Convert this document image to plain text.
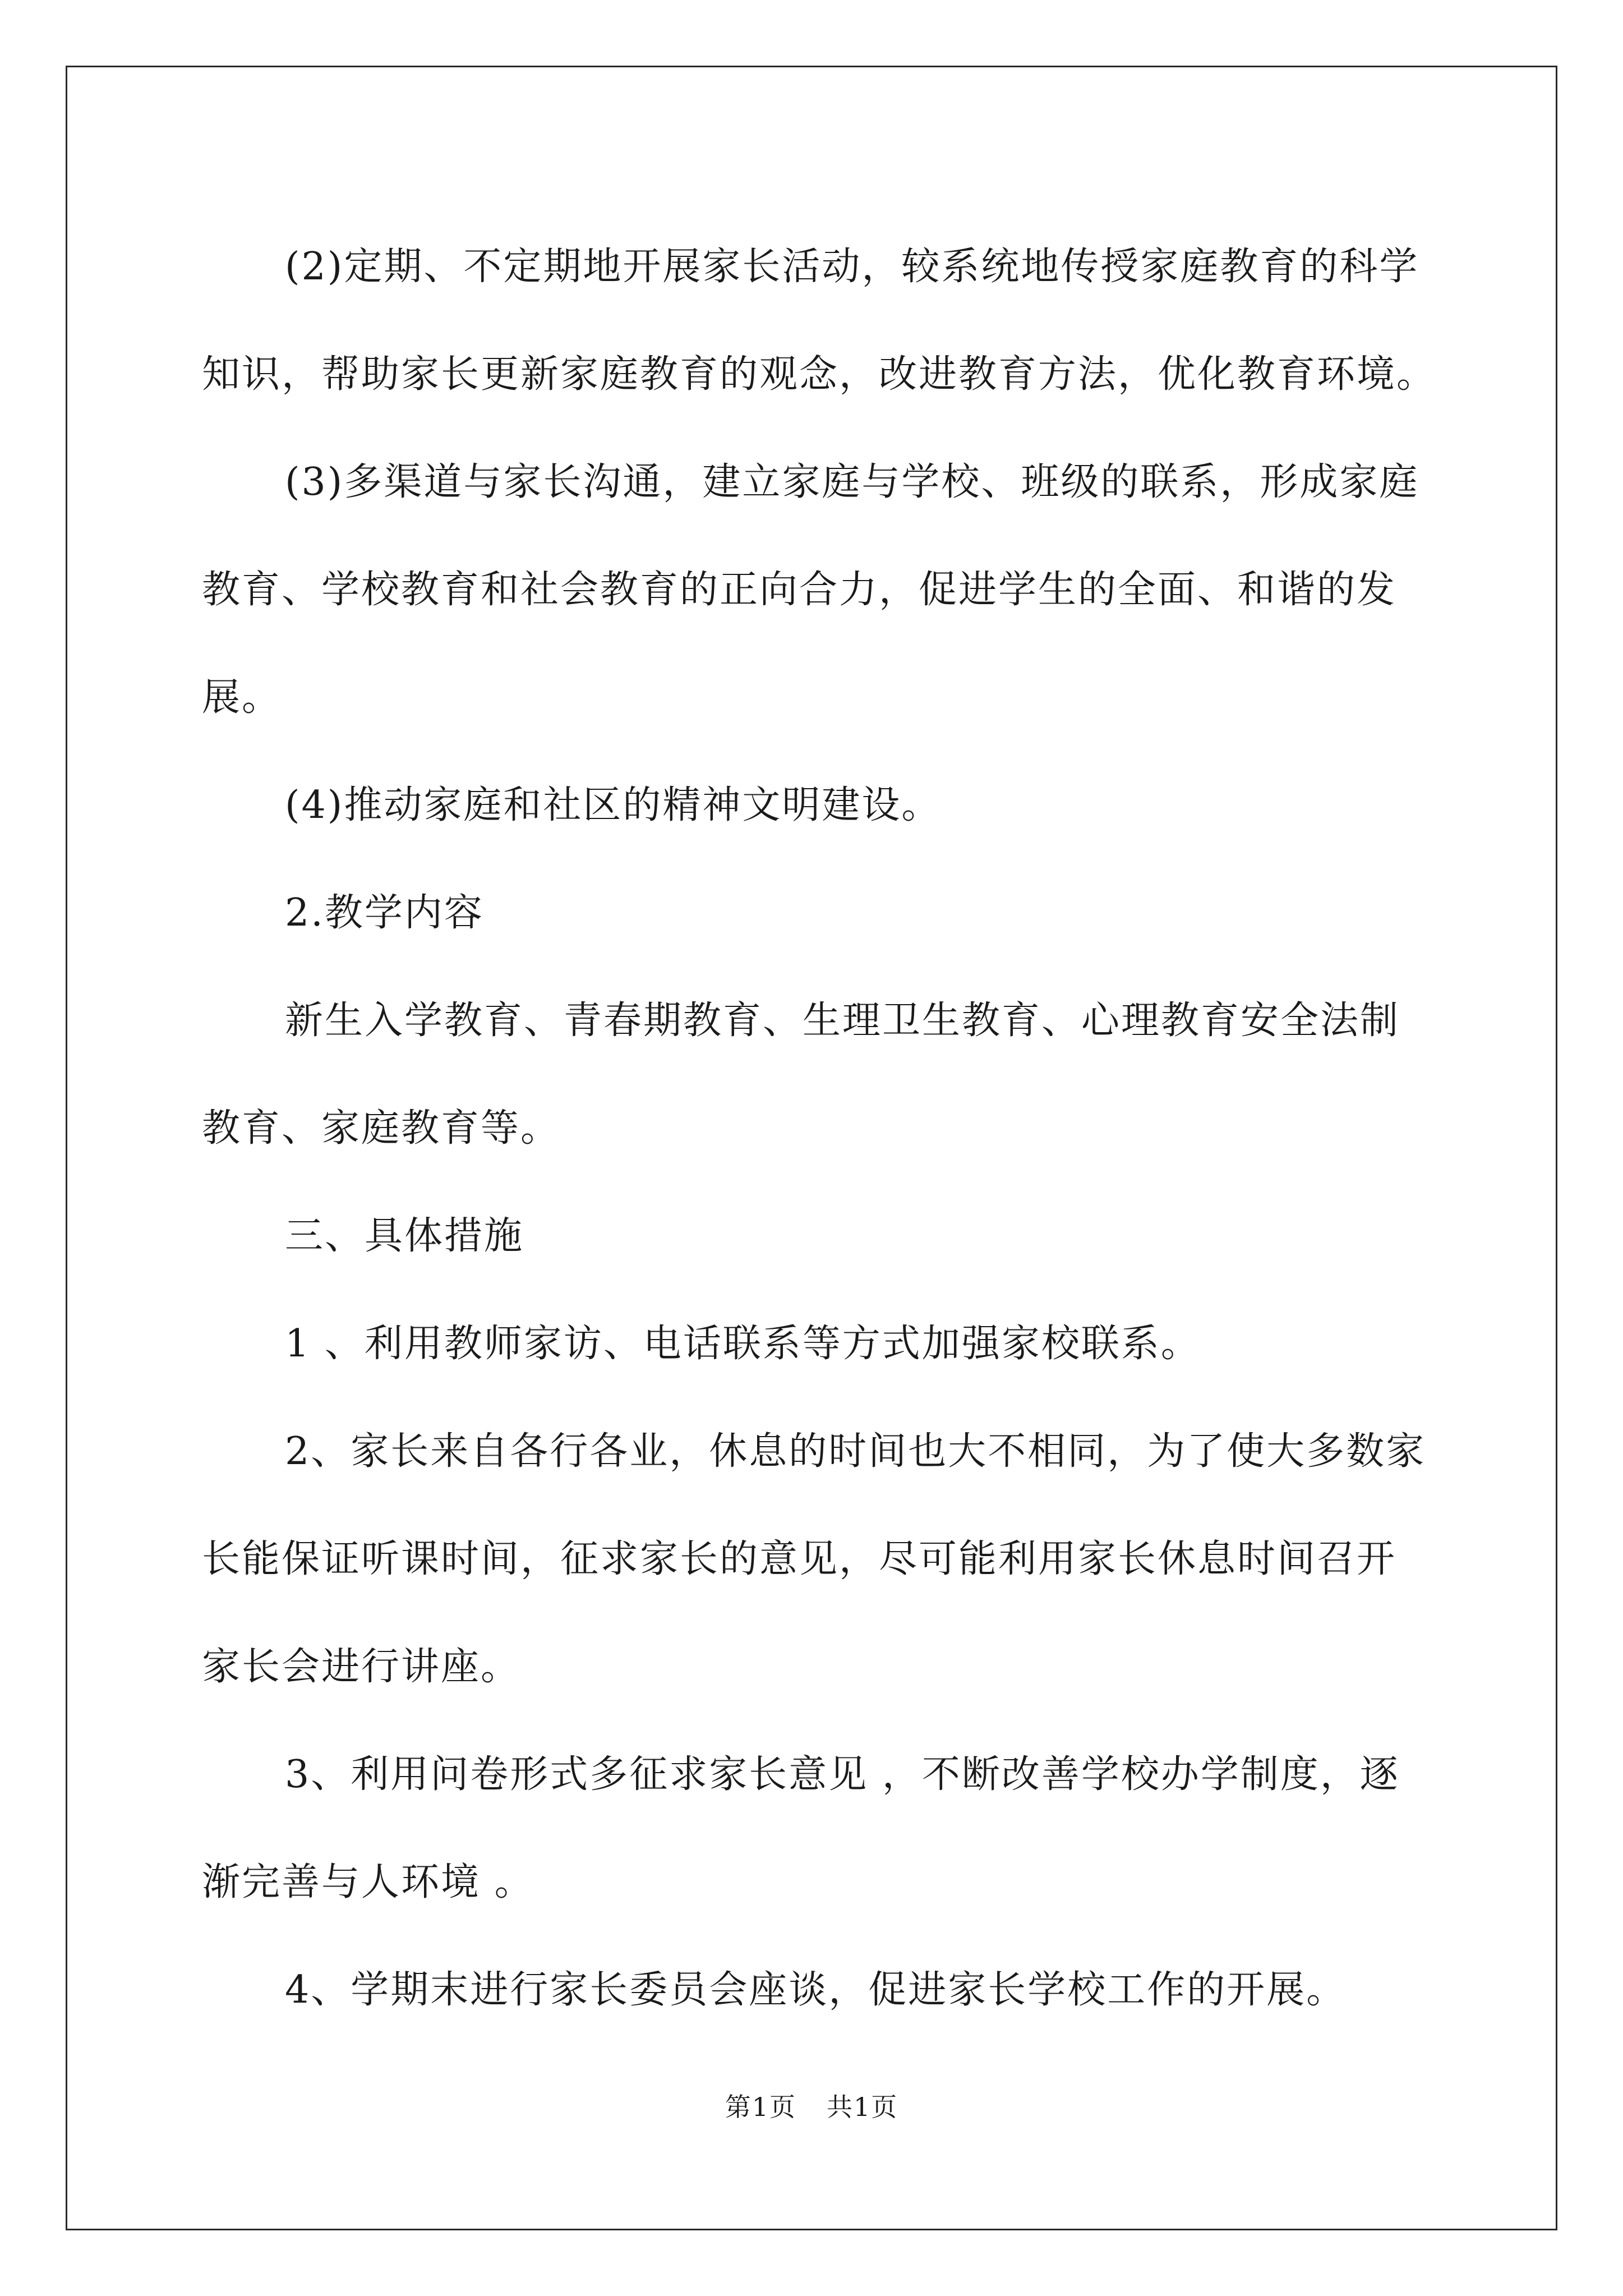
(2)定期、不定期地开展家长活动，较系统地传授家庭教育的科学
知识，帮助家长更新家庭教育的观念，改进教育方法，优化教育环境。

(3)多渠道与家长沟通，建立家庭与学校、班级的联系，形成家庭
教育、学校教育和社会教育的正向合力，促进学生的全面、和谐的发
展。

(4)推动家庭和社区的精神文明建设。

2.教学内容

新生入学教育、青春期教育、生理卫生教育、心理教育安全法制
教育、家庭教育等。

三、具体措施

1 、利用教师家访、电话联系等方式加强家校联系。

2、家长来自各行各业，休息的时间也大不相同，为了使大多数家
长能保证听课时间，征求家长的意见，尽可能利用家长休息时间召开
家长会进行讲座。

3、利用问卷形式多征求家长意见 ，不断改善学校办学制度，逐
渐完善与人环境 。

4、学期末进行家长委员会座谈，促进家长学校工作的开展。

第1页 共1页
